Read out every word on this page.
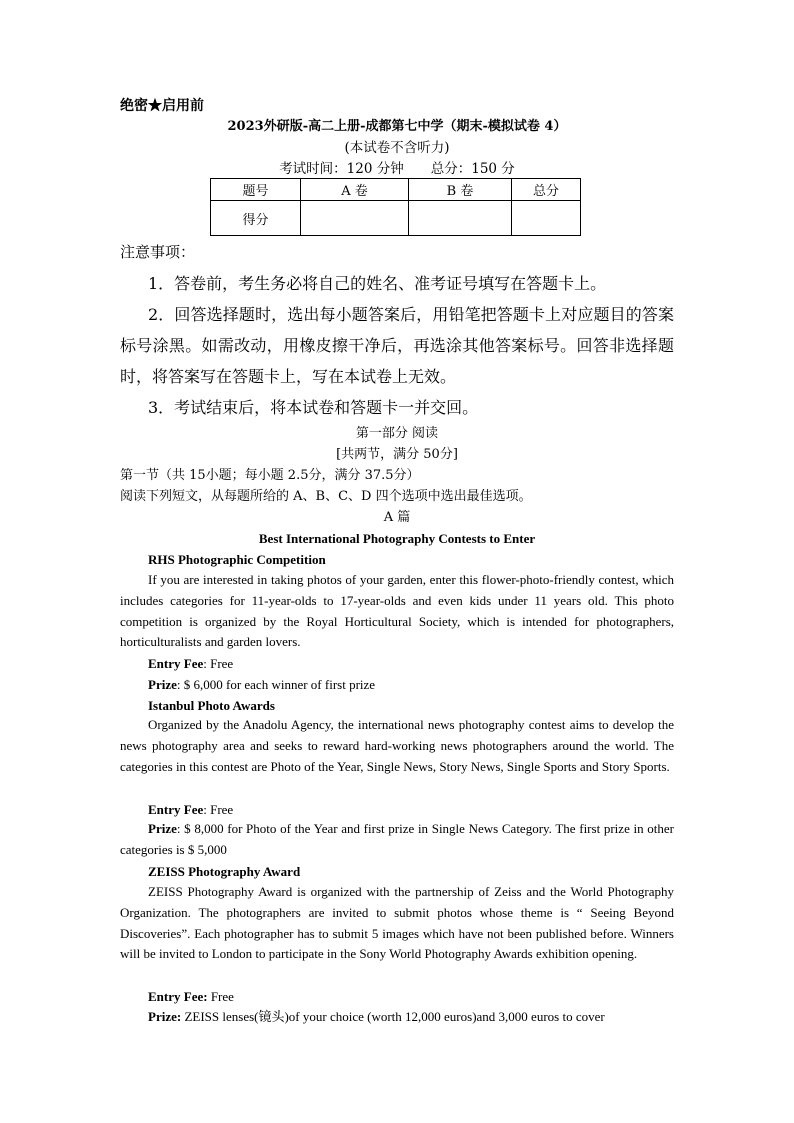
绝密★启用前
2023外研版-高二上册-成都第七中学（期末-模拟试卷 4）
(本试卷不含听力)
考试时间：120 分钟　　总分：150 分
题号	A 卷	B 卷	总分
得分			
注意事项：
1．答卷前，考生务必将自己的姓名、准考证号填写在答题卡上。
2．回答选择题时，选出每小题答案后，用铅笔把答题卡上对应题目的答案标号涂黑。如需改动，用橡皮擦干净后，再选涂其他答案标号。回答非选择题时，将答案写在答题卡上，写在本试卷上无效。
3．考试结束后，将本试卷和答题卡一并交回。
第一部分 阅读
[共两节，满分 50分]
第一节（共 15小题；每小题 2.5分，满分 37.5分）
阅读下列短文，从每题所给的 A、B、C、D 四个选项中选出最佳选项。
A 篇
Best International Photography Contests to Enter
RHS Photographic Competition

If you are interested in taking photos of your garden, enter this flower-photo-friendly contest, which includes categories for 11-year-olds to 17-year-olds and even kids under 11 years old. This photo competition is organized by the Royal Horticultural Society, which is intended for photographers, horticulturalists and garden lovers.

Entry Fee: Free
Prize: $ 6,000 for each winner of first prize
Istanbul Photo Awards

Organized by the Anadolu Agency, the international news photography contest aims to develop the news photography area and seeks to reward hard-working news photographers around the world. The categories in this contest are Photo of the Year, Single News, Story News, Single Sports and Story Sports.

Entry Fee: Free

Prize: $ 8,000 for Photo of the Year and first prize in Single News Category. The first prize in other categories is $ 5,000

ZEISS Photography Award

ZEISS Photography Award is organized with the partnership of Zeiss and the World Photography Organization. The photographers are invited to submit photos whose theme is “ Seeing Beyond Discoveries”. Each photographer has to submit 5 images which have not been published before. Winners will be invited to London to participate in the Sony World Photography Awards exhibition opening.

Entry Fee: Free

Prize: ZEISS lenses(镜头)of your choice (worth 12,000 euros)and 3,000 euros to cover
